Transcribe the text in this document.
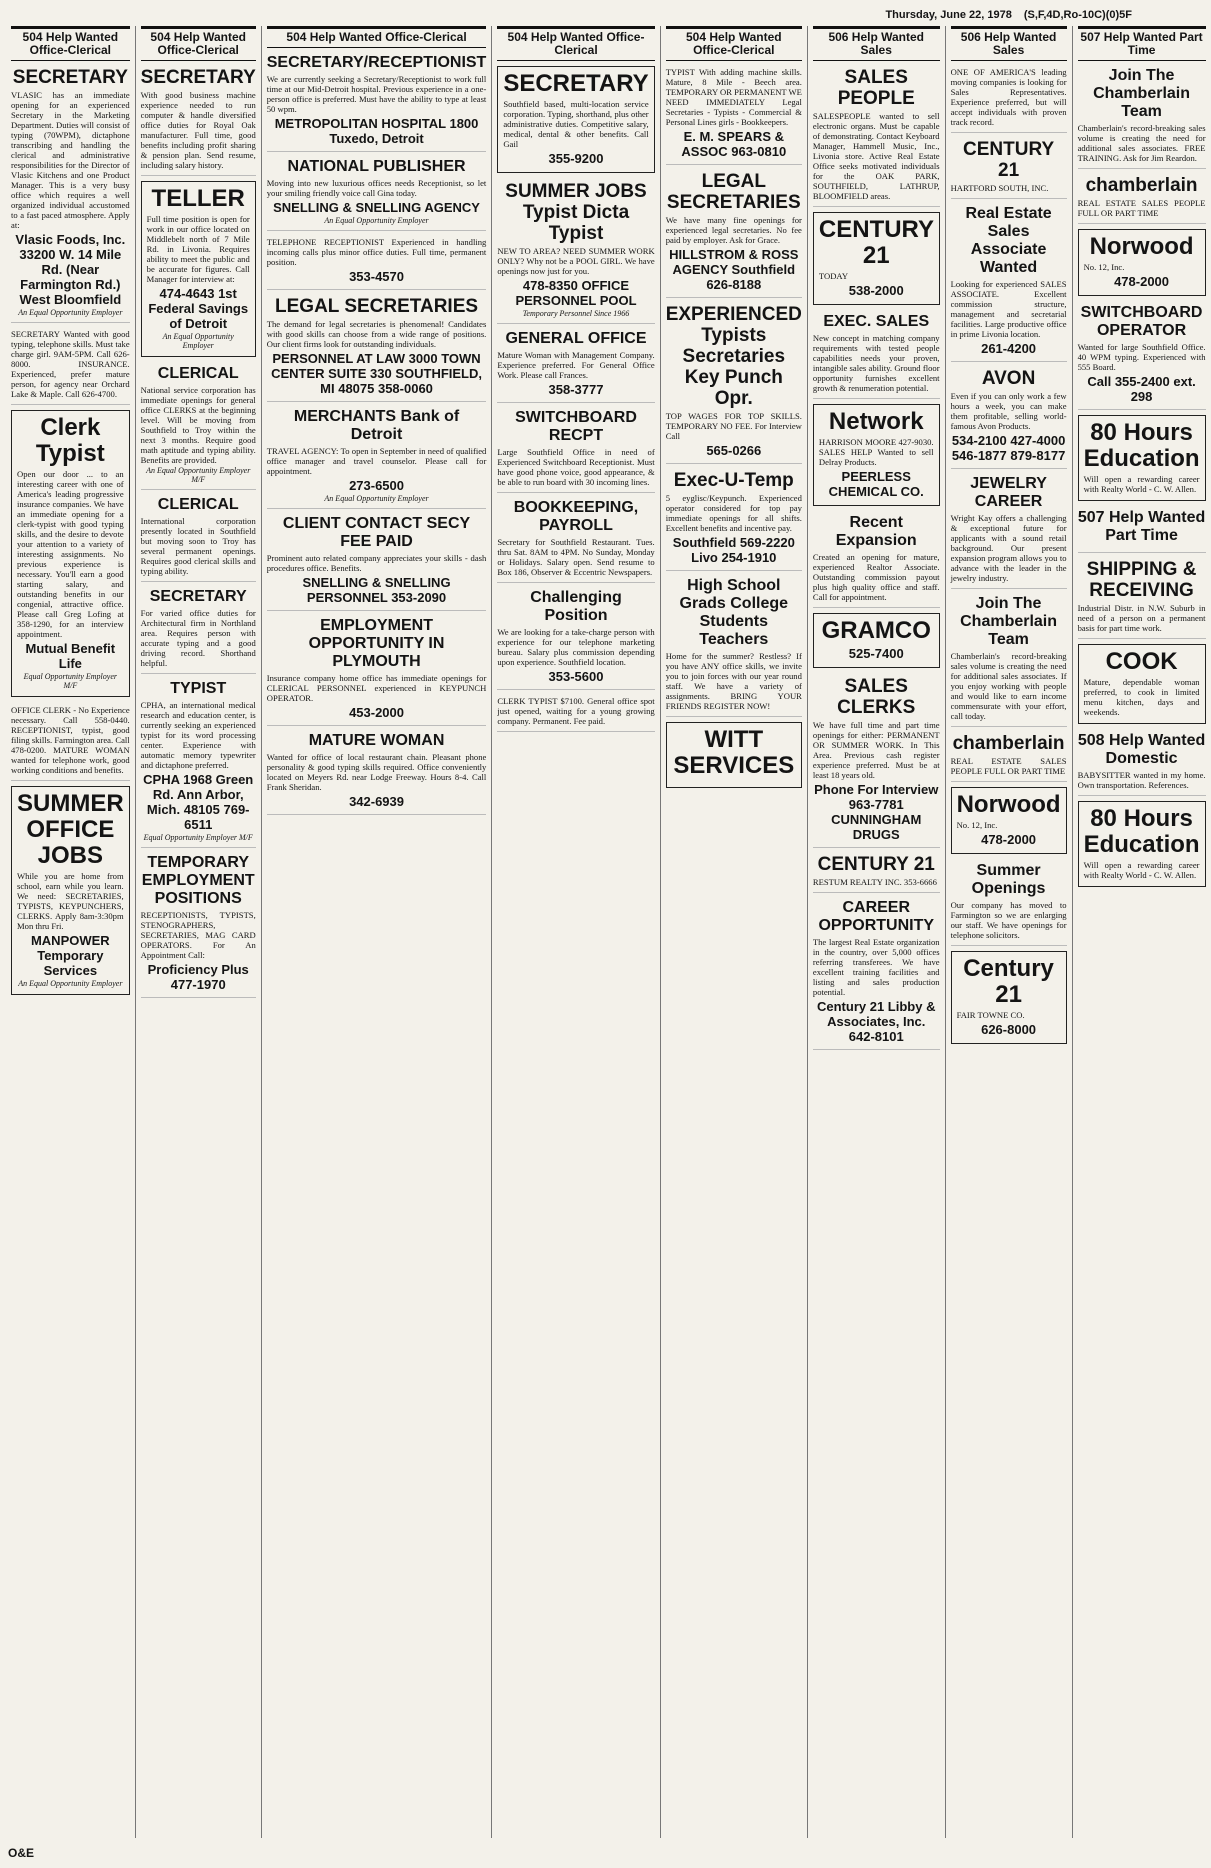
Thursday, June 22, 1978 (S,F,4D,Ro-10C)(0)5F
504 Help Wanted Office-Clerical
SECRETARY
VLASIC has an immediate opening for an experienced Secretary in the Marketing Department. Duties will consist of typing (70WPM), dictaphone transcribing and handling the clerical and administrative responsibilities for the Director of Vlasic Kitchens and one Product Manager. This is a very busy office which requires a well organized individual accustomed to a fast paced atmosphere. Apply at:
Vlasic Foods, Inc. 33200 W. 14 Mile Rd. (Near Farmington Rd.) West Bloomfield
An Equal Opportunity Employer
SECRETARY Wanted with good typing, telephone skills. Must take charge girl. 9AM-5PM. Call 626-8000. INSURANCE. Experienced, prefer mature person, for agency near Orchard Lake & Maple. Call 626-4700.
Clerk Typist
Open our door ... to an interesting career with one of America's leading progressive insurance companies. We have an immediate opening for a clerk-typist with good typing skills, and the desire to devote your attention to a variety of interesting assignments. No previous experience is necessary. You'll earn a good starting salary, and outstanding benefits in our congenial, attractive office. Please call Greg Lofing at 358-1290, for an interview appointment.
Mutual Benefit Life
Equal Opportunity Employer M/F
OFFICE CLERK - No Experience necessary. Call 558-0440. RECEPTIONIST, typist, good filing skills. Farmington area. Call 478-0200. MATURE WOMAN wanted for telephone work, good working conditions and benefits.
SUMMER OFFICE JOBS
While you are home from school, earn while you learn. We need: SECRETARIES, TYPISTS, KEYPUNCHERS, CLERKS. Apply 8am-3:30pm Mon thru Fri.
MANPOWER Temporary Services
An Equal Opportunity Employer
504 Help Wanted Office-Clerical
SECRETARY
With good business machine experience needed to run computer & handle diversified office duties for Royal Oak manufacturer. Full time, good benefits including profit sharing & pension plan. Send resume, including salary history.
TELLER
Full time position is open for work in our office located on Middlebelt north of 7 Mile Rd. in Livonia. Requires ability to meet the public and be accurate for figures. Call Manager for interview at:
474-4643 1st Federal Savings of Detroit
An Equal Opportunity Employer
CLERICAL
National service corporation has immediate openings for general office CLERKS at the beginning level. Will be moving from Southfield to Troy within the next 3 months. Require good math aptitude and typing ability. Benefits are provided.
An Equal Opportunity Employer M/F
CLERICAL
International corporation presently located in Southfield but moving soon to Troy has several permanent openings. Requires good clerical skills and typing ability.
SECRETARY
For varied office duties for Architectural firm in Northland area. Requires person with accurate typing and a good driving record. Shorthand helpful.
TYPIST
CPHA, an international medical research and education center, is currently seeking an experienced typist for its word processing center. Experience with automatic memory typewriter and dictaphone preferred.
CPHA 1968 Green Rd. Ann Arbor, Mich. 48105 769-6511
Equal Opportunity Employer M/F
TEMPORARY EMPLOYMENT POSITIONS
RECEPTIONISTS, TYPISTS, STENOGRAPHERS, SECRETARIES, MAG CARD OPERATORS. For An Appointment Call:
Proficiency Plus 477-1970
504 Help Wanted Office-Clerical
SECRETARY/RECEPTIONIST
We are currently seeking a Secretary/Receptionist to work full time at our Mid-Detroit hospital. Previous experience in a one-person office is preferred. Must have the ability to type at least 50 wpm.
METROPOLITAN HOSPITAL 1800 Tuxedo, Detroit
NATIONAL PUBLISHER
Moving into new luxurious offices needs Receptionist, so let your smiling friendly voice call Gina today.
SNELLING & SNELLING AGENCY
An Equal Opportunity Employer
TELEPHONE RECEPTIONIST Experienced in handling incoming calls plus minor office duties. Full time, permanent position.
353-4570
LEGAL SECRETARIES
The demand for legal secretaries is phenomenal! Candidates with good skills can choose from a wide range of positions. Our client firms look for outstanding individuals.
PERSONNEL AT LAW 3000 TOWN CENTER SUITE 330 SOUTHFIELD, MI 48075 358-0060
MERCHANTS Bank of Detroit
TRAVEL AGENCY: To open in September in need of qualified office manager and travel counselor. Please call for appointment.
273-6500
An Equal Opportunity Employer
CLIENT CONTACT SECY FEE PAID
Prominent auto related company appreciates your skills - dash procedures office. Benefits.
SNELLING & SNELLING PERSONNEL 353-2090
EMPLOYMENT OPPORTUNITY IN PLYMOUTH
Insurance company home office has immediate openings for CLERICAL PERSONNEL experienced in KEYPUNCH OPERATOR.
453-2000
MATURE WOMAN
Wanted for office of local restaurant chain. Pleasant phone personality & good typing skills required. Office conveniently located on Meyers Rd. near Lodge Freeway. Hours 8-4. Call Frank Sheridan.
342-6939
504 Help Wanted Office-Clerical
SECRETARY
Southfield based, multi-location service corporation. Typing, shorthand, plus other administrative duties. Competitive salary, medical, dental & other benefits. Call Gail
355-9200
SUMMER JOBS Typist Dicta Typist
NEW TO AREA? NEED SUMMER WORK ONLY? Why not be a POOL GIRL. We have openings now just for you.
478-8350 OFFICE PERSONNEL POOL
Temporary Personnel Since 1966
GENERAL OFFICE
Mature Woman with Management Company. Experience preferred. For General Office Work. Please call Frances.
358-3777
SWITCHBOARD RECPT
Large Southfield Office in need of Experienced Switchboard Receptionist. Must have good phone voice, good appearance, & be able to run board with 30 incoming lines.
BOOKKEEPING, PAYROLL
Secretary for Southfield Restaurant. Tues. thru Sat. 8AM to 4PM. No Sunday, Monday or Holidays. Salary open. Send resume to Box 186, Observer & Eccentric Newspapers.
Challenging Position
We are looking for a take-charge person with experience for our telephone marketing bureau. Salary plus commission depending upon experience. Southfield location.
353-5600
CLERK TYPIST $7100. General office spot just opened, waiting for a young growing company. Permanent. Fee paid.
504 Help Wanted Office-Clerical
TYPIST With adding machine skills. Mature, 8 Mile - Beech area. TEMPORARY OR PERMANENT WE NEED IMMEDIATELY Legal Secretaries - Typists - Commercial & Personal Lines girls - Bookkeepers.
E. M. SPEARS & ASSOC 963-0810
LEGAL SECRETARIES
We have many fine openings for experienced legal secretaries. No fee paid by employer. Ask for Grace.
HILLSTROM & ROSS AGENCY Southfield 626-8188
EXPERIENCED Typists Secretaries Key Punch Opr.
TOP WAGES FOR TOP SKILLS. TEMPORARY NO FEE. For Interview Call
565-0266
Exec-U-Temp
5 eyglisc/Keypunch. Experienced operator considered for top pay immediate openings for all shifts. Excellent benefits and incentive pay.
Southfield 569-2220 Livo 254-1910
High School Grads College Students Teachers
Home for the summer? Restless? If you have ANY office skills, we invite you to join forces with our year round staff. We have a variety of assignments. BRING YOUR FRIENDS REGISTER NOW!
WITT SERVICES
506 Help Wanted Sales
SALES PEOPLE
SALESPEOPLE wanted to sell electronic organs. Must be capable of demonstrating. Contact Keyboard Manager, Hammell Music, Inc., Livonia store. Active Real Estate Office seeks motivated individuals for the OAK PARK, SOUTHFIELD, LATHRUP, BLOOMFIELD areas.
CENTURY 21
TODAY
538-2000
EXEC. SALES
New concept in matching company requirements with tested people capabilities needs your proven, intangible sales ability. Ground floor opportunity furnishes excellent growth & renumeration potential.
Network
HARRISON MOORE 427-9030. SALES HELP Wanted to sell Delray Products.
PEERLESS CHEMICAL CO.
Recent Expansion
Created an opening for mature, experienced Realtor Associate. Outstanding commission payout plus high quality office and staff. Call for appointment.
GRAMCO
525-7400
SALES CLERKS
We have full time and part time openings for either: PERMANENT OR SUMMER WORK. In This Area. Previous cash register experience preferred. Must be at least 18 years old.
Phone For Interview 963-7781 CUNNINGHAM DRUGS
CENTURY 21
RESTUM REALTY INC. 353-6666
CAREER OPPORTUNITY
The largest Real Estate organization in the country, over 5,000 offices referring transferees. We have excellent training facilities and listing and sales production potential.
Century 21 Libby & Associates, Inc. 642-8101
506 Help Wanted Sales
ONE OF AMERICA'S leading moving companies is looking for Sales Representatives. Experience preferred, but will accept individuals with proven track record.
CENTURY 21
HARTFORD SOUTH, INC.
Real Estate Sales Associate Wanted
Looking for experienced SALES ASSOCIATE. Excellent commission structure, management and secretarial facilities. Large productive office in prime Livonia location.
261-4200
AVON
Even if you can only work a few hours a week, you can make them profitable, selling world-famous Avon Products.
534-2100 427-4000 546-1877 879-8177
JEWELRY CAREER
Wright Kay offers a challenging & exceptional future for applicants with a sound retail background. Our present expansion program allows you to advance with the leader in the jewelry industry.
Join The Chamberlain Team
Chamberlain's record-breaking sales volume is creating the need for additional sales associates. If you enjoy working with people and would like to earn income commensurate with your effort, call today.
chamberlain
REAL ESTATE SALES PEOPLE FULL OR PART TIME
Norwood
No. 12, Inc.
478-2000
Summer Openings
Our company has moved to Farmington so we are enlarging our staff. We have openings for telephone solicitors.
Century 21
FAIR TOWNE CO.
626-8000
507 Help Wanted Part Time
Join The Chamberlain Team
Chamberlain's record-breaking sales volume is creating the need for additional sales associates. FREE TRAINING. Ask for Jim Reardon.
chamberlain
REAL ESTATE SALES PEOPLE FULL OR PART TIME
Norwood
No. 12, Inc.
478-2000
SWITCHBOARD OPERATOR
Wanted for large Southfield Office. 40 WPM typing. Experienced with 555 Board.
Call 355-2400 ext. 298
80 Hours Education
Will open a rewarding career with Realty World - C. W. Allen.
507 Help Wanted Part Time
SHIPPING & RECEIVING
Industrial Distr. in N.W. Suburb in need of a person on a permanent basis for part time work.
COOK
Mature, dependable woman preferred, to cook in limited menu kitchen, days and weekends.
508 Help Wanted Domestic
BABYSITTER wanted in my home. Own transportation. References.
80 Hours Education
Will open a rewarding career with Realty World - C. W. Allen.
O&E
